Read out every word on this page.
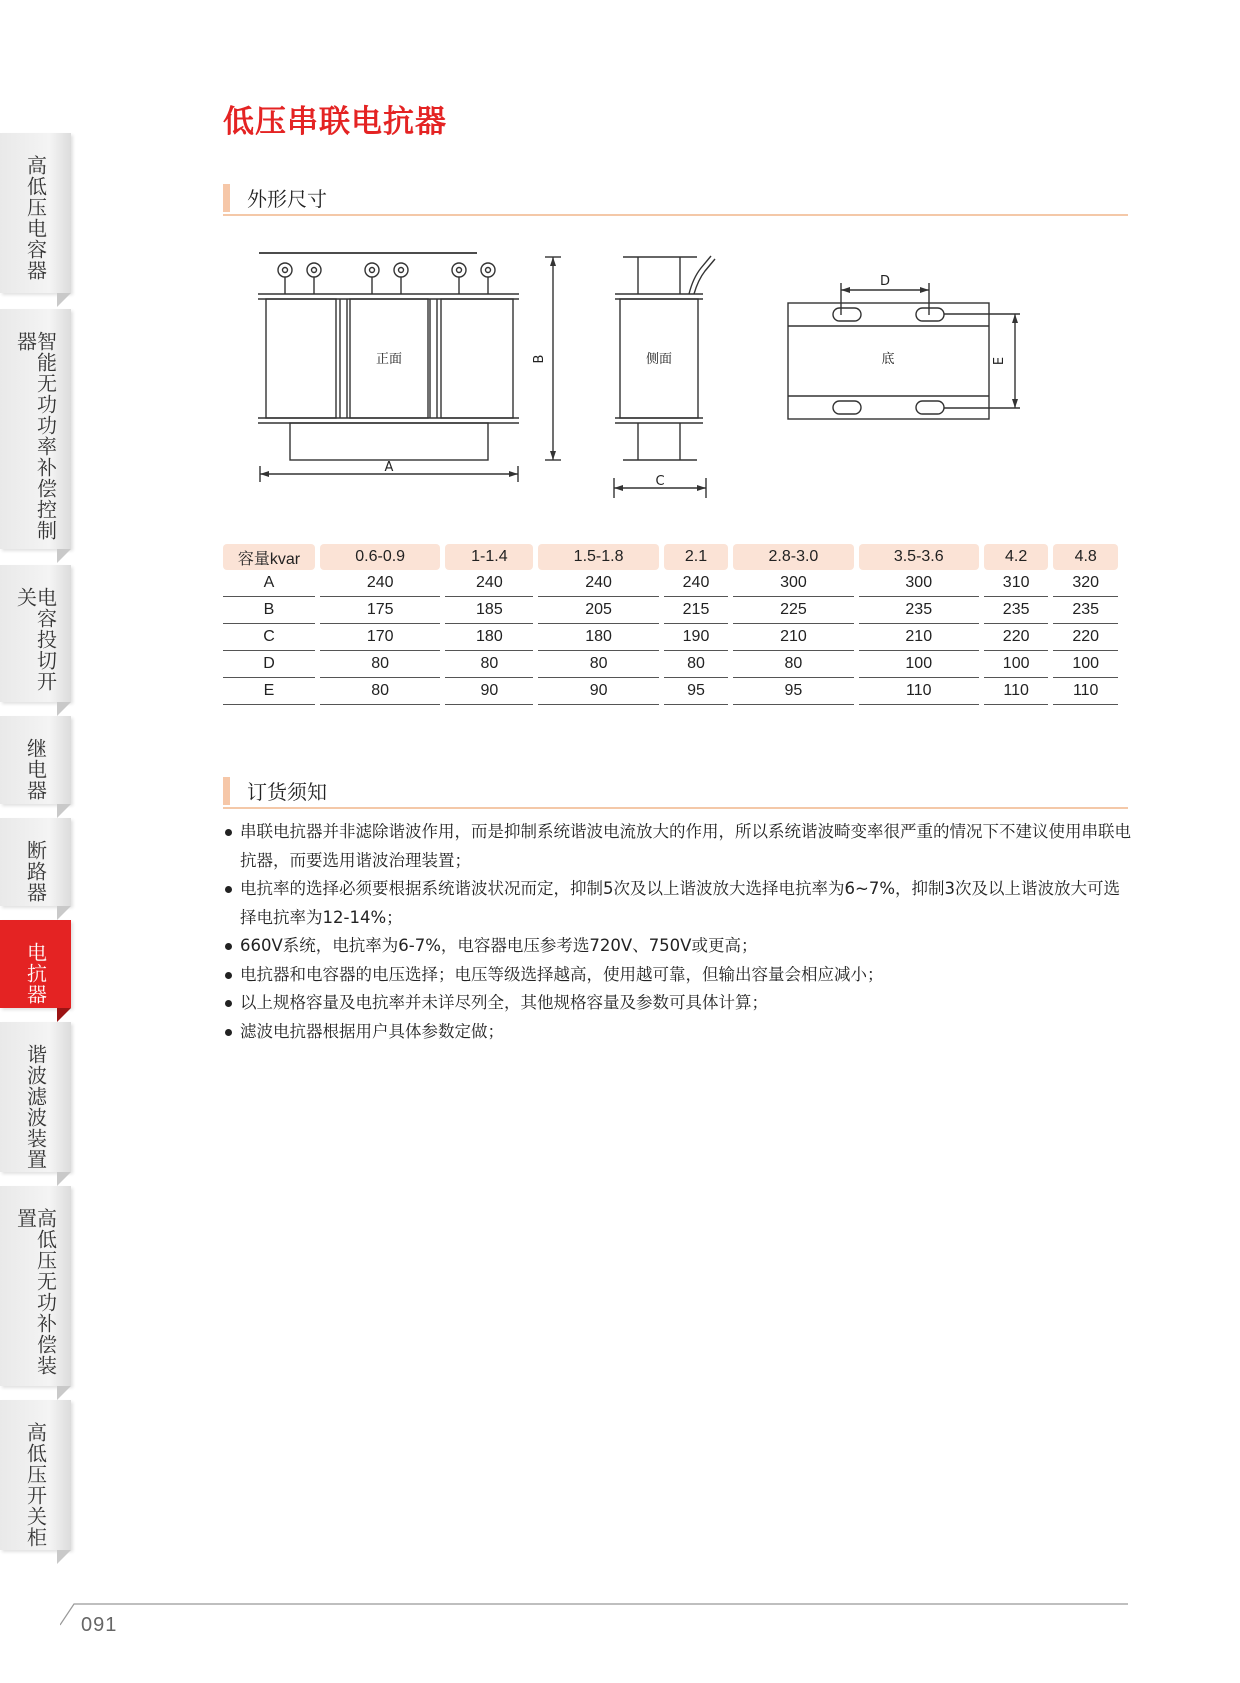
高低压电容器
智能无功功率补偿控制器
电容投切开关
继电器
断路器
电抗器
谐波滤波装置
高低压无功补偿装置
高低压开关柜
低压串联电抗器
外形尺寸
正面	侧面	底
A
B
C
D
E
容量kvar	0.6-0.9	1-1.4	1.5-1.8	2.1	2.8-3.0	3.5-3.6	4.2	4.8
A	240	240	240	240	300	300	310	320
B	175	185	205	215	225	235	235	235
C	170	180	180	190	210	210	220	220
D	80	80	80	80	80	100	100	100
E	80	90	90	95	95	110	110	110
订货须知
串联电抗器并非滤除谐波作用，而是抑制系统谐波电流放大的作用，所以系统谐波畸变率很严重的情况下不建议使用串联电抗器，而要选用谐波治理装置；
电抗率的选择必须要根据系统谐波状况而定，抑制5次及以上谐波放大选择电抗率为6~7%，抑制3次及以上谐波放大可选择电抗率为12-14%；
660V系统，电抗率为6-7%，电容器电压参考选720V、750V或更高；
电抗器和电容器的电压选择；电压等级选择越高，使用越可靠，但输出容量会相应减小；
以上规格容量及电抗率并未详尽列全，其他规格容量及参数可具体计算；
滤波电抗器根据用户具体参数定做；
091
